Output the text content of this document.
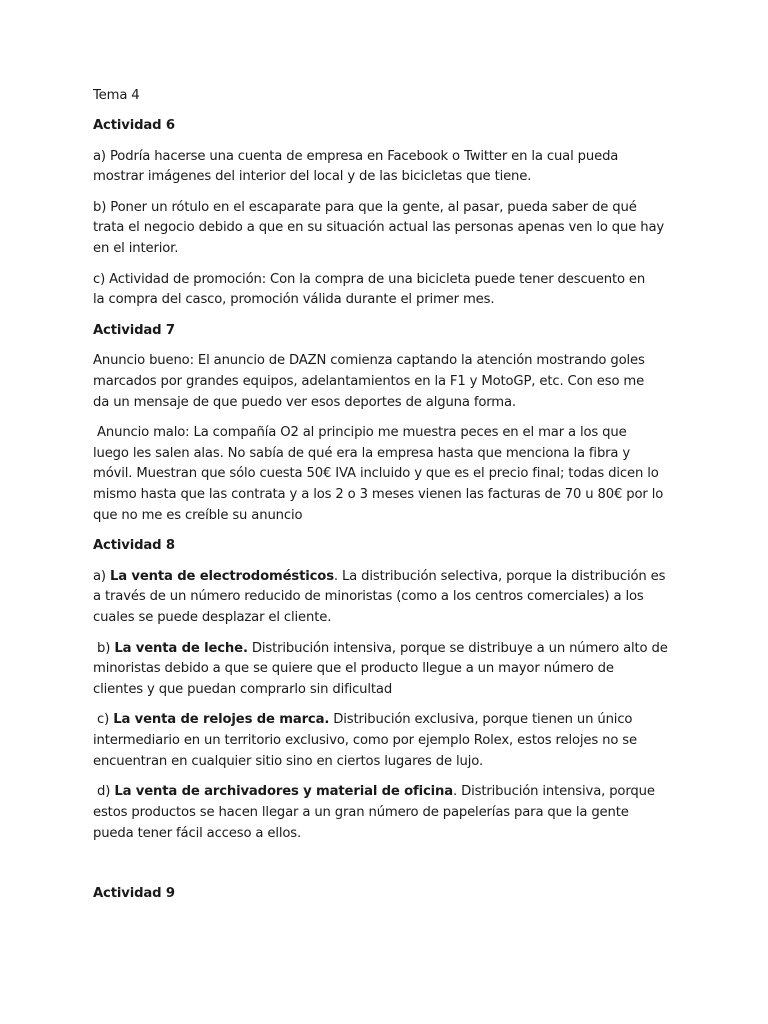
Tema 4
Actividad 6
a) Podría hacerse una cuenta de empresa en Facebook o Twitter en la cual pueda
mostrar imágenes del interior del local y de las bicicletas que tiene.
b) Poner un rótulo en el escaparate para que la gente, al pasar, pueda saber de qué
trata el negocio debido a que en su situación actual las personas apenas ven lo que hay
en el interior.
c) Actividad de promoción: Con la compra de una bicicleta puede tener descuento en
la compra del casco, promoción válida durante el primer mes.
Actividad 7
Anuncio bueno: El anuncio de DAZN comienza captando la atención mostrando goles
marcados por grandes equipos, adelantamientos en la F1 y MotoGP, etc. Con eso me
da un mensaje de que puedo ver esos deportes de alguna forma.
Anuncio malo: La compañía O2 al principio me muestra peces en el mar a los que
luego les salen alas. No sabía de qué era la empresa hasta que menciona la fibra y
móvil. Muestran que sólo cuesta 50€ IVA incluido y que es el precio final; todas dicen lo
mismo hasta que las contrata y a los 2 o 3 meses vienen las facturas de 70 u 80€ por lo
que no me es creíble su anuncio
Actividad 8
a) La venta de electrodomésticos. La distribución selectiva, porque la distribución es
a través de un número reducido de minoristas (como a los centros comerciales) a los
cuales se puede desplazar el cliente.
b) La venta de leche. Distribución intensiva, porque se distribuye a un número alto de
minoristas debido a que se quiere que el producto llegue a un mayor número de
clientes y que puedan comprarlo sin dificultad
c) La venta de relojes de marca. Distribución exclusiva, porque tienen un único
intermediario en un territorio exclusivo, como por ejemplo Rolex, estos relojes no se
encuentran en cualquier sitio sino en ciertos lugares de lujo.
d) La venta de archivadores y material de oficina. Distribución intensiva, porque
estos productos se hacen llegar a un gran número de papelerías para que la gente
pueda tener fácil acceso a ellos.
Actividad 9
